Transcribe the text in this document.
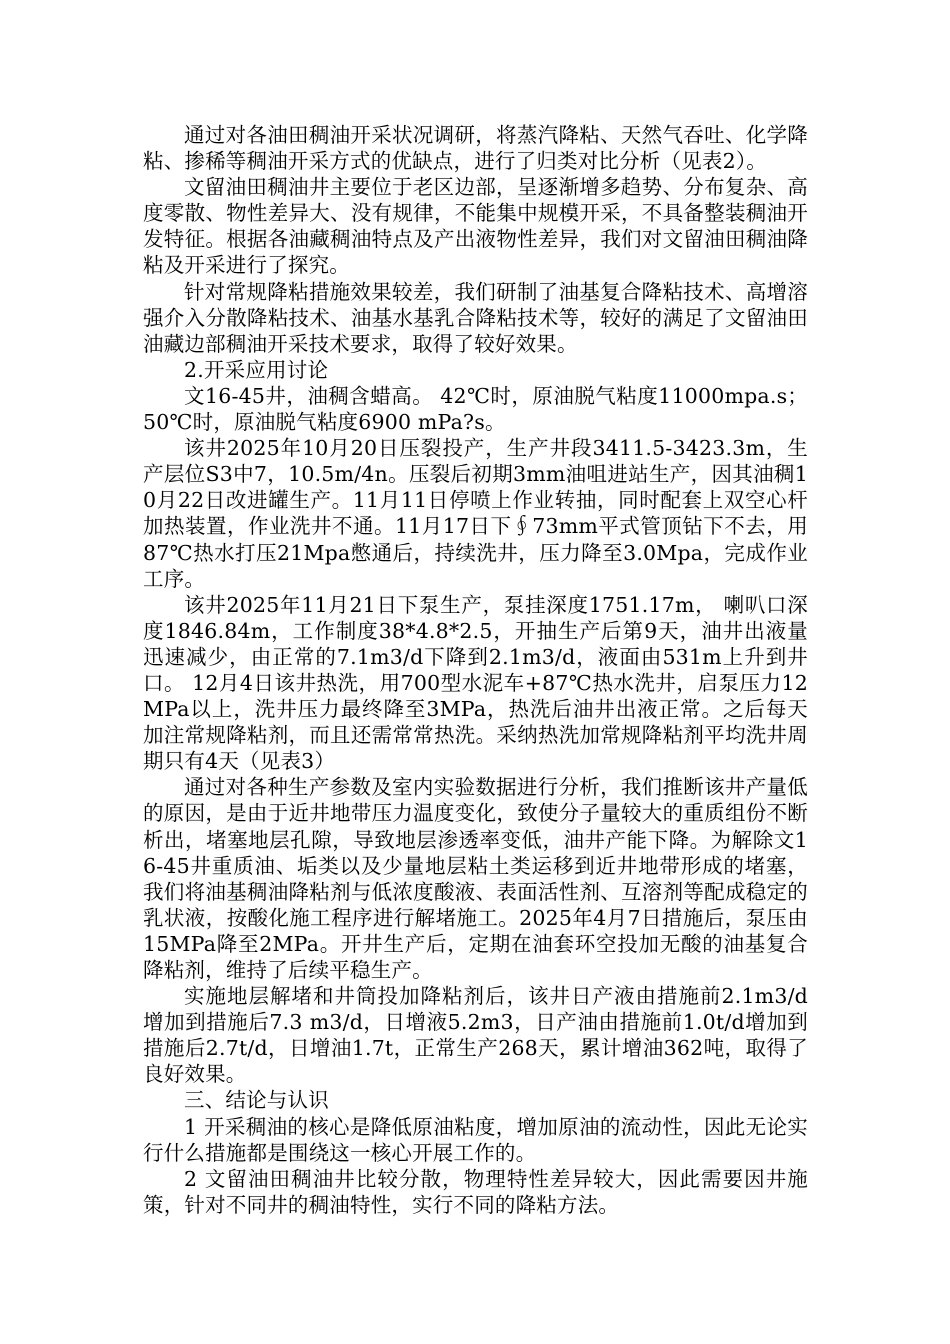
通过对各油田稠油开采状况调研，将蒸汽降粘、天然气吞吐、化学降粘、掺稀等稠油开采方式的优缺点，进行了归类对比分析（见表2）。

文留油田稠油井主要位于老区边部，呈逐渐增多趋势、分布复杂、高度零散、物性差异大、没有规律，不能集中规模开采，不具备整装稠油开发特征。根据各油藏稠油特点及产出液物性差异，我们对文留油田稠油降粘及开采进行了探究。

针对常规降粘措施效果较差，我们研制了油基复合降粘技术、高增溶强介入分散降粘技术、油基水基乳合降粘技术等，较好的满足了文留油田油藏边部稠油开采技术要求，取得了较好效果。

2.开采应用讨论

文16-45井，油稠含蜡高。 42℃时，原油脱气粘度11000mpa.s；50℃时，原油脱气粘度6900 mPa?s。

该井2025年10月20日压裂投产，生产井段3411.5-3423.3m，生产层位S3中7，10.5m/4n。压裂后初期3mm油咀进站生产，因其油稠10月22日改进罐生产。11月11日停喷上作业转抽，同时配套上双空心杆加热装置，作业洗井不通。11月17日下∮73mm平式管顶钻下不去，用87℃热水打压21Mpa憋通后，持续洗井，压力降至3.0Mpa，完成作业工序。

该井2025年11月21日下泵生产，泵挂深度1751.17m， 喇叭口深度1846.84m，工作制度38*4.8*2.5，开抽生产后第9天，油井出液量迅速减少，由正常的7.1m3/d下降到2.1m3/d，液面由531m上升到井口。 12月4日该井热洗，用700型水泥车+87℃热水洗井，启泵压力12MPa以上，洗井压力最终降至3MPa，热洗后油井出液正常。之后每天加注常规降粘剂，而且还需常常热洗。采纳热洗加常规降粘剂平均洗井周期只有4天（见表3）

通过对各种生产参数及室内实验数据进行分析，我们推断该井产量低的原因，是由于近井地带压力温度变化，致使分子量较大的重质组份不断析出，堵塞地层孔隙，导致地层渗透率变低，油井产能下降。为解除文16-45井重质油、垢类以及少量地层粘土类运移到近井地带形成的堵塞，我们将油基稠油降粘剂与低浓度酸液、表面活性剂、互溶剂等配成稳定的乳状液，按酸化施工程序进行解堵施工。2025年4月7日措施后，泵压由15MPa降至2MPa。开井生产后，定期在油套环空投加无酸的油基复合降粘剂，维持了后续平稳生产。

实施地层解堵和井筒投加降粘剂后，该井日产液由措施前2.1m3/d增加到措施后7.3 m3/d，日增液5.2m3，日产油由措施前1.0t/d增加到措施后2.7t/d，日增油1.7t，正常生产268天，累计增油362吨，取得了良好效果。

三、结论与认识

1 开采稠油的核心是降低原油粘度，增加原油的流动性，因此无论实行什么措施都是围绕这一核心开展工作的。

2 文留油田稠油井比较分散，物理特性差异较大，因此需要因井施策，针对不同井的稠油特性，实行不同的降粘方法。
